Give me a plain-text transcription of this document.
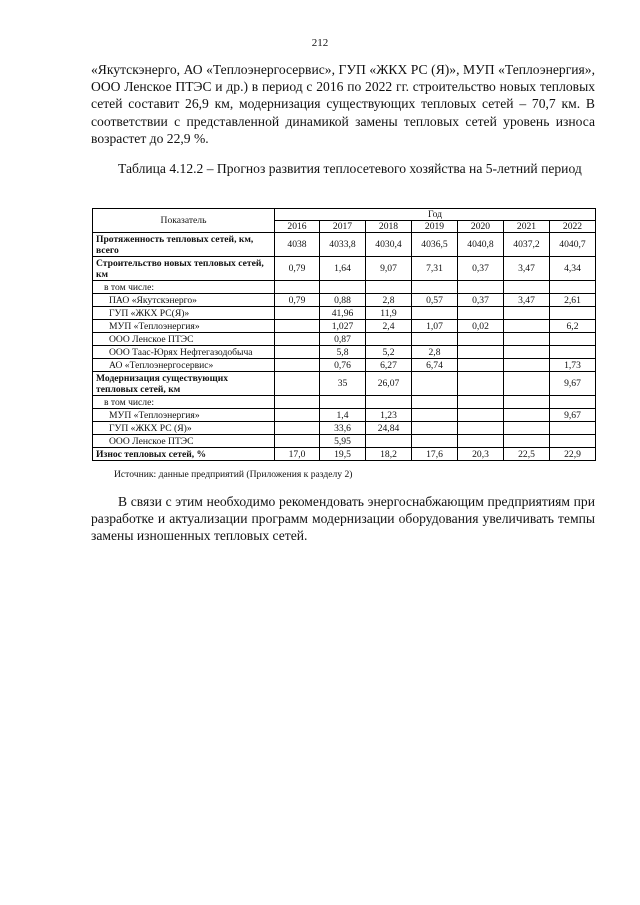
212
«Якутскэнерго, АО «Теплоэнергосервис», ГУП «ЖКХ РС (Я)», МУП «Теплоэнергия», ООО Ленское ПТЭС и др.) в период с 2016 по 2022 гг. строительство новых тепловых сетей составит 26,9 км, модернизация существующих тепловых сетей – 70,7 км. В соответствии с представленной динамикой замены тепловых сетей уровень износа возрастет до 22,9 %.
Таблица 4.12.2 – Прогноз развития теплосетевого хозяйства на 5-летний период
Показатель	Год						
	2016	2017	2018	2019	2020	2021	2022
Протяженность тепловых сетей, км, всего	4038	4033,8	4030,4	4036,5	4040,8	4037,2	4040,7
Строительство новых тепловых сетей, км	0,79	1,64	9,07	7,31	0,37	3,47	4,34
в том числе:							
ПАО «Якутскэнерго»	0,79	0,88	2,8	0,57	0,37	3,47	2,61
ГУП «ЖКХ РС(Я)»		41,96	11,9				
МУП «Теплоэнергия»		1,027	2,4	1,07	0,02		6,2
ООО Ленское ПТЭС		0,87					
ООО Таас-Юрях Нефтегазодобыча		5,8	5,2	2,8			
АО «Теплоэнергосервис»		0,76	6,27	6,74			1,73
Модернизация существующих тепловых сетей, км		35	26,07				9,67
в том числе:							
МУП «Теплоэнергия»		1,4	1,23				9,67
ГУП «ЖКХ РС (Я)»		33,6	24,84				
ООО Ленское ПТЭС		5,95					
Износ тепловых сетей, %	17,0	19,5	18,2	17,6	20,3	22,5	22,9
Источник: данные предприятий (Приложения к разделу 2)
В связи с этим необходимо рекомендовать энергоснабжающим предприятиям при разработке и актуализации программ модернизации оборудования увеличивать темпы замены изношенных тепловых сетей.
